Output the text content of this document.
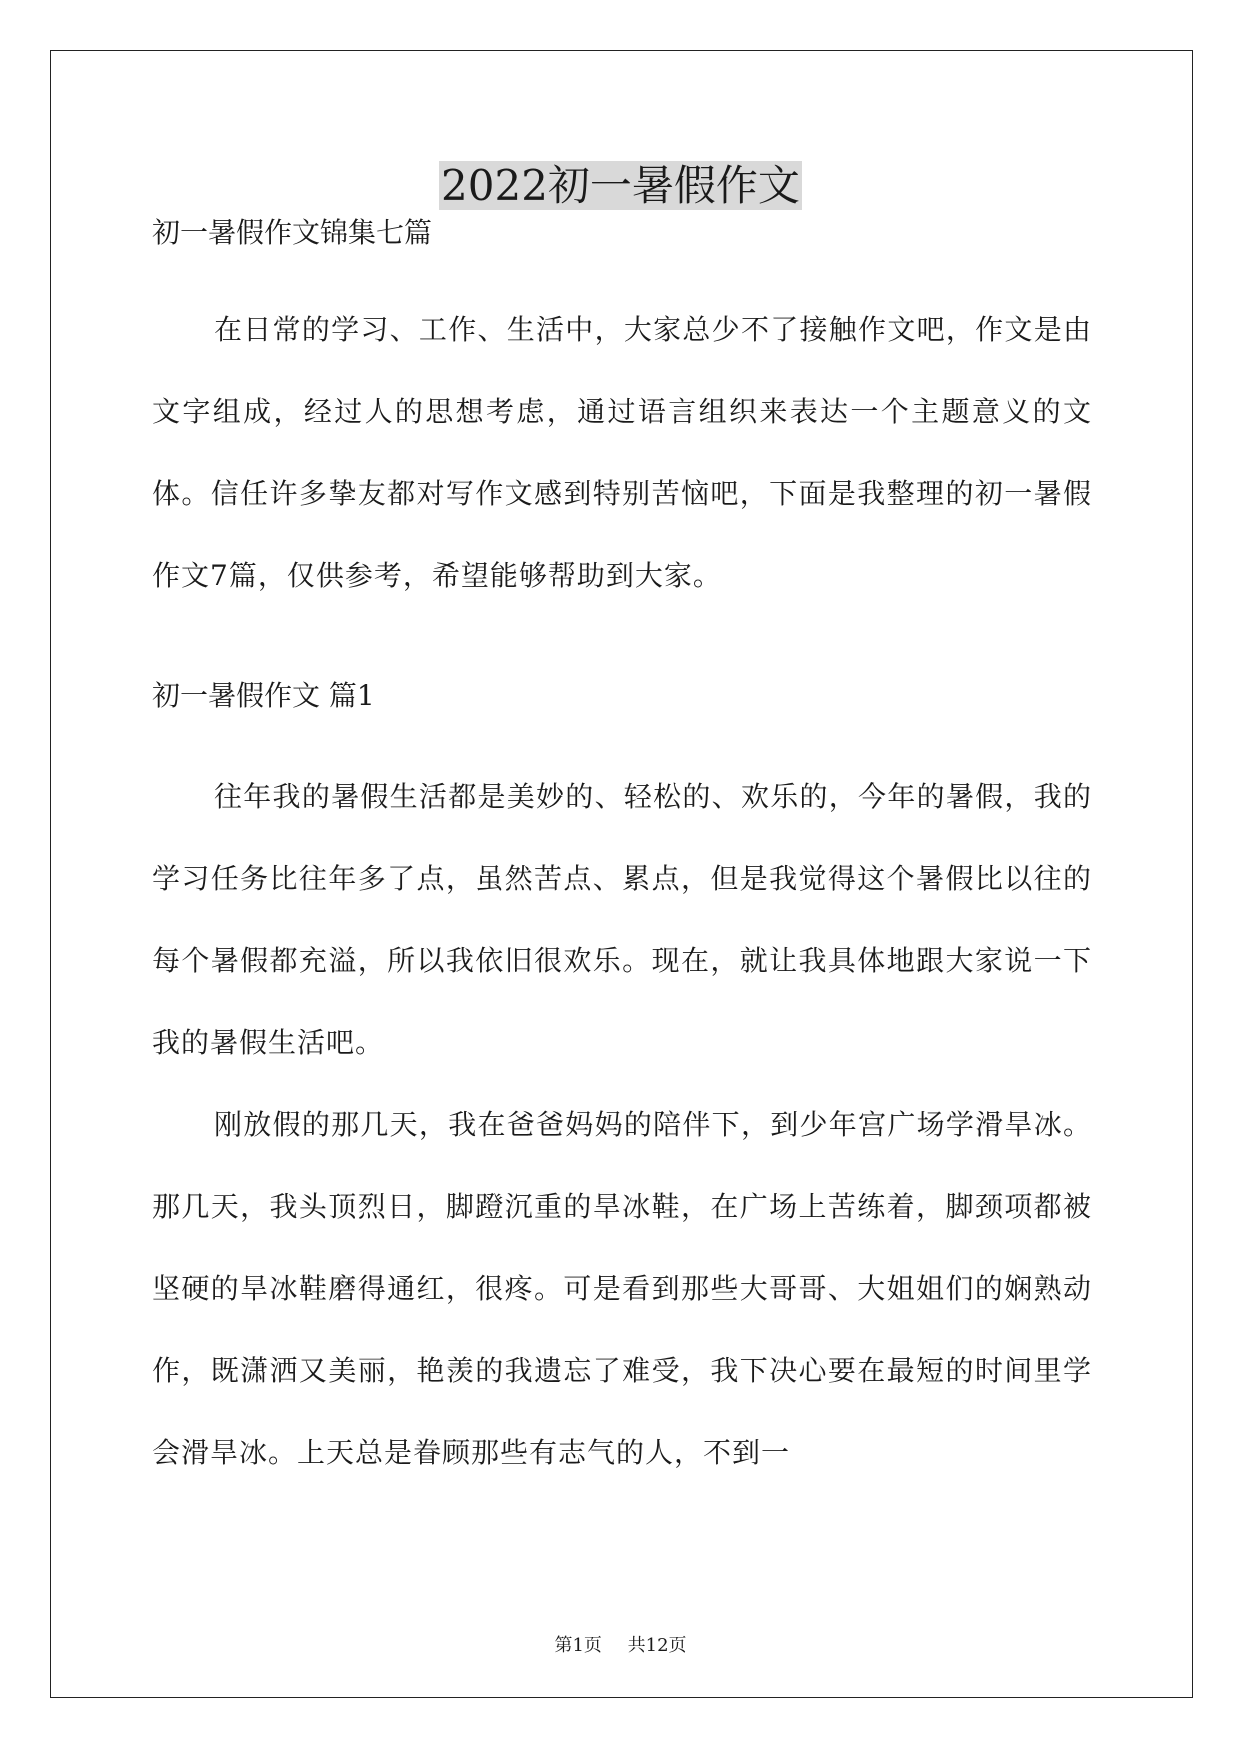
2022初一暑假作文
初一暑假作文锦集七篇
在日常的学习、工作、生活中，大家总少不了接触作文吧，作文是由文字组成，经过人的思想考虑，通过语言组织来表达一个主题意义的文体。信任许多挚友都对写作文感到特别苦恼吧，下面是我整理的初一暑假作文7篇，仅供参考，希望能够帮助到大家。
初一暑假作文 篇1
往年我的暑假生活都是美妙的、轻松的、欢乐的，今年的暑假，我的学习任务比往年多了点，虽然苦点、累点，但是我觉得这个暑假比以往的每个暑假都充溢，所以我依旧很欢乐。现在，就让我具体地跟大家说一下我的暑假生活吧。
刚放假的那几天，我在爸爸妈妈的陪伴下，到少年宫广场学滑旱冰。那几天，我头顶烈日，脚蹬沉重的旱冰鞋，在广场上苦练着，脚颈项都被坚硬的旱冰鞋磨得通红，很疼。可是看到那些大哥哥、大姐姐们的娴熟动作，既潇洒又美丽，艳羡的我遗忘了难受，我下决心要在最短的时间里学会滑旱冰。上天总是眷顾那些有志气的人，不到一
第1页 共12页
